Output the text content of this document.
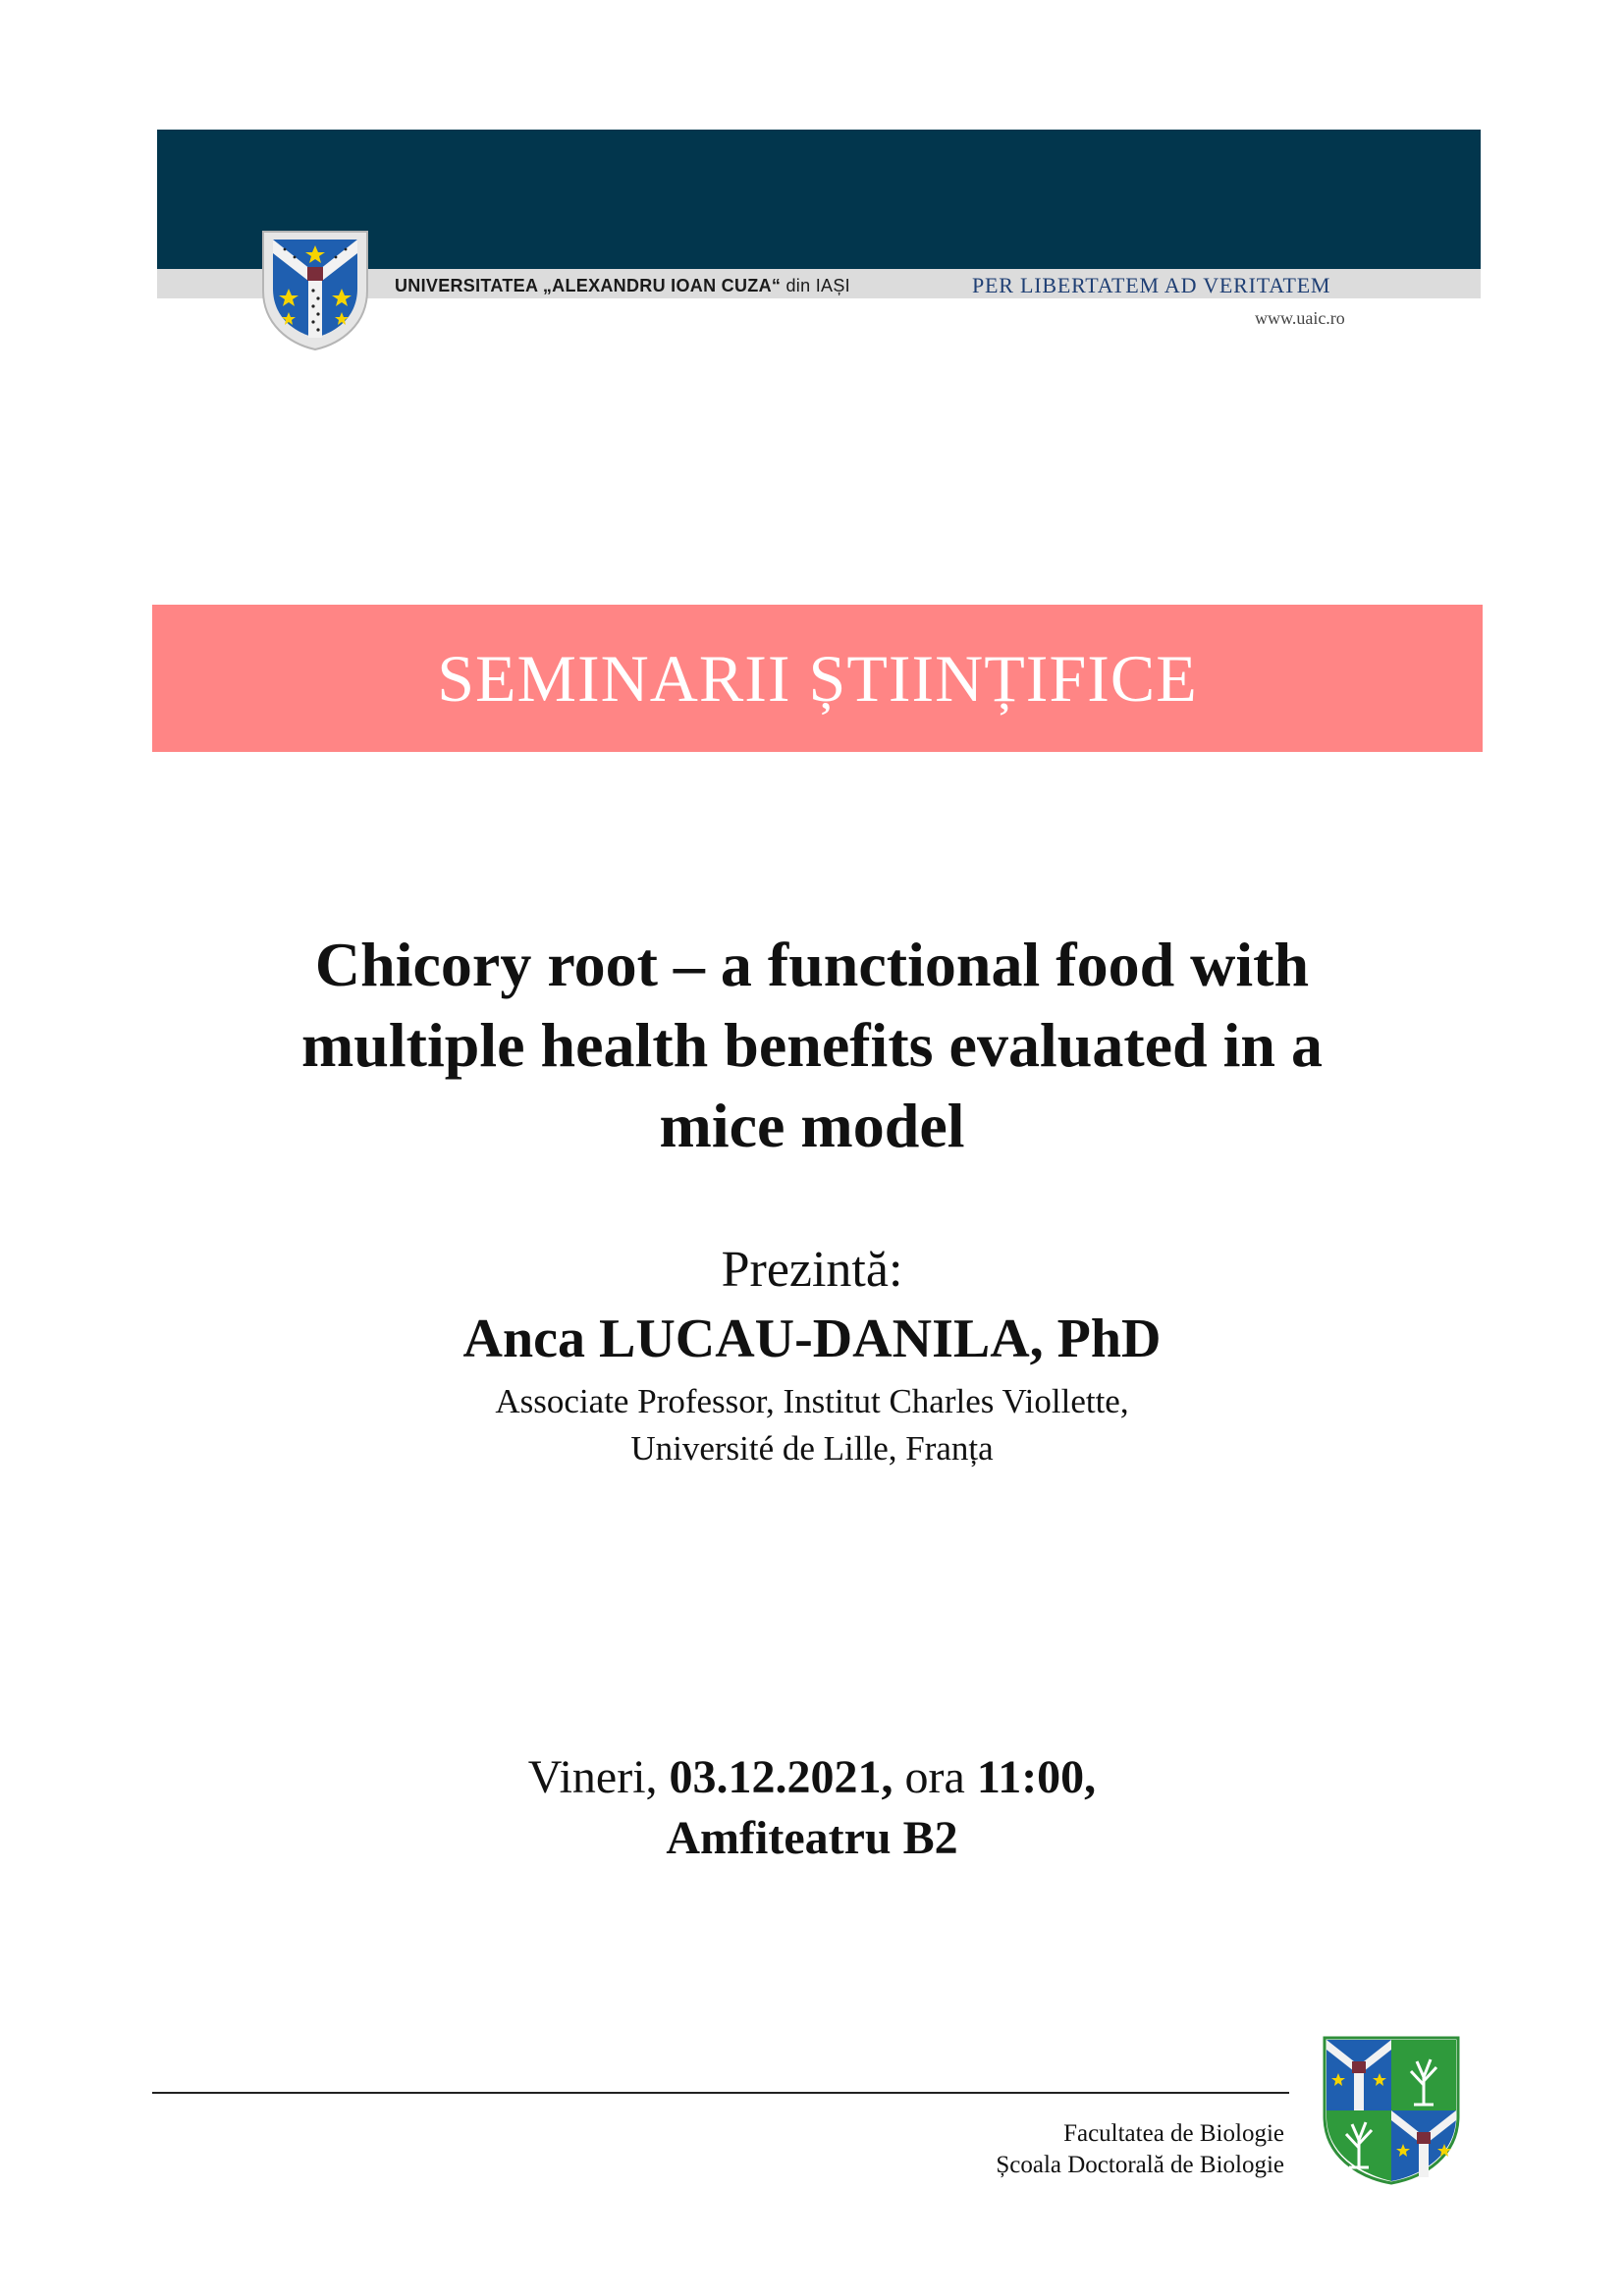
UNIVERSITATEA „ALEXANDRU IOAN CUZA“ din IAȘI	PER LIBERTATEM AD VERITATEM
www.uaic.ro
SEMINARII ȘTIINȚIFICE
Chicory root – a functional food with
multiple health benefits evaluated in a
mice model
Prezintă:
Anca LUCAU-DANILA, PhD
Associate Professor, Institut Charles Viollette,
Université de Lille, Franța
Vineri, 03.12.2021, ora 11:00,
Amfiteatru B2
Facultatea de Biologie
Școala Doctorală de Biologie
